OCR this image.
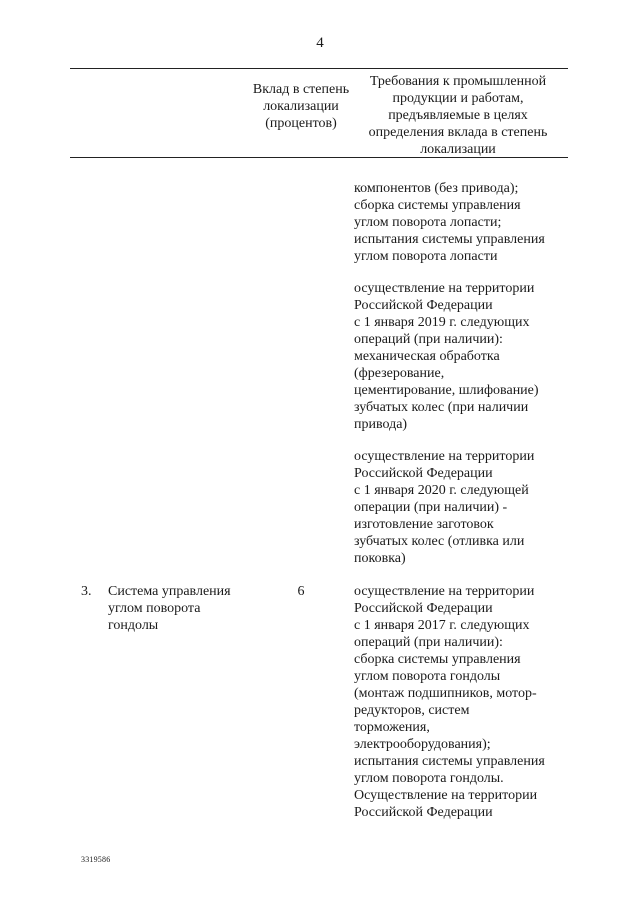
4
Вклад в степень локализации (процентов)
Требования к промышленной продукции и работам, предъявляемые в целях определения вклада в степень локализации
компонентов (без привода);
сборка системы управления
углом поворота лопасти;
испытания системы управления
углом поворота лопасти
осуществление на территории
Российской Федерации
с 1 января 2019 г. следующих
операций (при наличии):
механическая обработка
(фрезерование,
цементирование, шлифование)
зубчатых колес (при наличии
привода)
осуществление на территории
Российской Федерации
с 1 января 2020 г. следующей
операции (при наличии) -
изготовление заготовок
зубчатых колес (отливка или
поковка)
3. Система управления
углом поворота
гондолы
6	осуществление на территории
Российской Федерации
с 1 января 2017 г. следующих
операций (при наличии):
сборка системы управления
углом поворота гондолы
(монтаж подшипников, мотор-
редукторов, систем
торможения,
электрооборудования);
испытания системы управления
углом поворота гондолы.
Осуществление на территории
Российской Федерации
3319586
